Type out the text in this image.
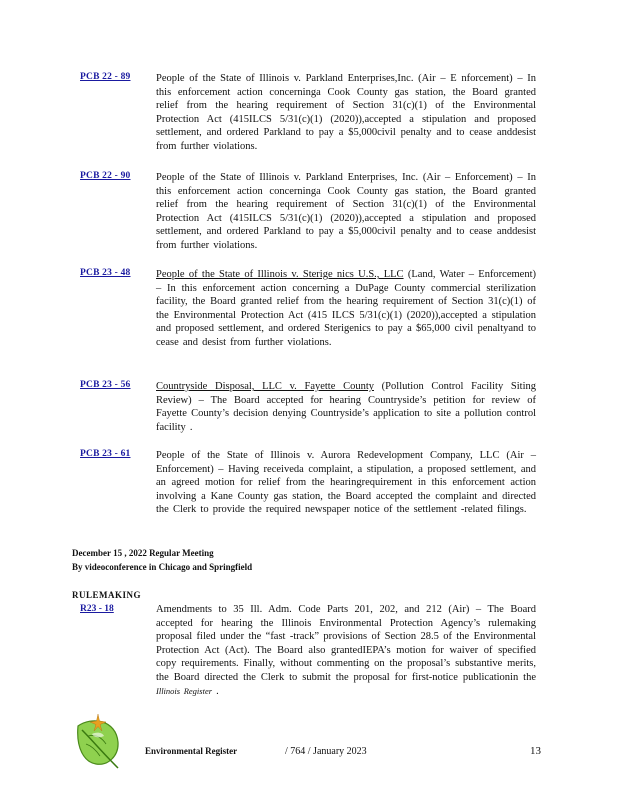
PCB 22 - 89	People of the State of Illinois v. Parkland Enterprises,Inc. (Air – E nforcement) – In this enforcement action concerninga Cook County gas station, the Board granted relief from the hearing requirement of Section 31(c)(1) of the Environmental Protection Act (415ILCS 5/31(c)(1) (2020)),accepted a stipulation and proposed settlement, and ordered Parkland to pay a $5,000civil penalty and to cease anddesist from further violations.
PCB 22 - 90	People of the State of Illinois v. Parkland Enterprises, Inc. (Air – Enforcement) – In this enforcement action concerninga Cook County gas station, the Board granted relief from the hearing requirement of Section 31(c)(1) of the Environmental Protection Act (415ILCS 5/31(c)(1) (2020)),accepted a stipulation and proposed settlement, and ordered Parkland to pay a $5,000civil penalty and to cease anddesist from further violations.
PCB 23 - 48	People of the State of Illinois v. Sterige nics U.S., LLC (Land, Water – Enforcement) – In this enforcement action concerning a DuPage County commercial sterilization facility, the Board granted relief from the hearing requirement of Section 31(c)(1) of the Environmental Protection Act (415 ILCS 5/31(c)(1) (2020)),accepted a stipulation and proposed settlement, and ordered Sterigenics to pay a $65,000 civil penaltyand to cease and desist from further violations.
PCB 23 - 56	Countryside Disposal, LLC v. Fayette County (Pollution Control Facility Siting Review) – The Board accepted for hearing Countryside’s petition for review of Fayette County’s decision denying Countryside’s application to site a pollution control facility .
PCB 23 - 61	People of the State of Illinois v. Aurora Redevelopment Company, LLC (Air – Enforcement) – Having receiveda complaint, a stipulation, a proposed settlement, and an agreed motion for relief from the hearingrequirement in this enforcement action involving a Kane County gas station, the Board accepted the complaint and directed the Clerk to provide the required newspaper notice of the settlement -related filings.
December 15 , 2022 Regular Meeting
By videoconference in Chicago and Springfield
RULEMAKING
R23 - 18	Amendments to 35 Ill. Adm. Code Parts 201, 202, and 212 (Air) – The Board accepted for hearing the Illinois Environmental Protection Agency’s rulemaking proposal filed under the “fast -track” provisions of Section 28.5 of the Environmental Protection Act (Act). The Board also grantedIEPA’s motion for waiver of specified copy requirements. Finally, without commenting on the proposal’s substantive merits, the Board directed the Clerk to submit the proposal for first-notice publicationin the Illinois Register .
Environmental Register	/ 764 / January 2023	13
